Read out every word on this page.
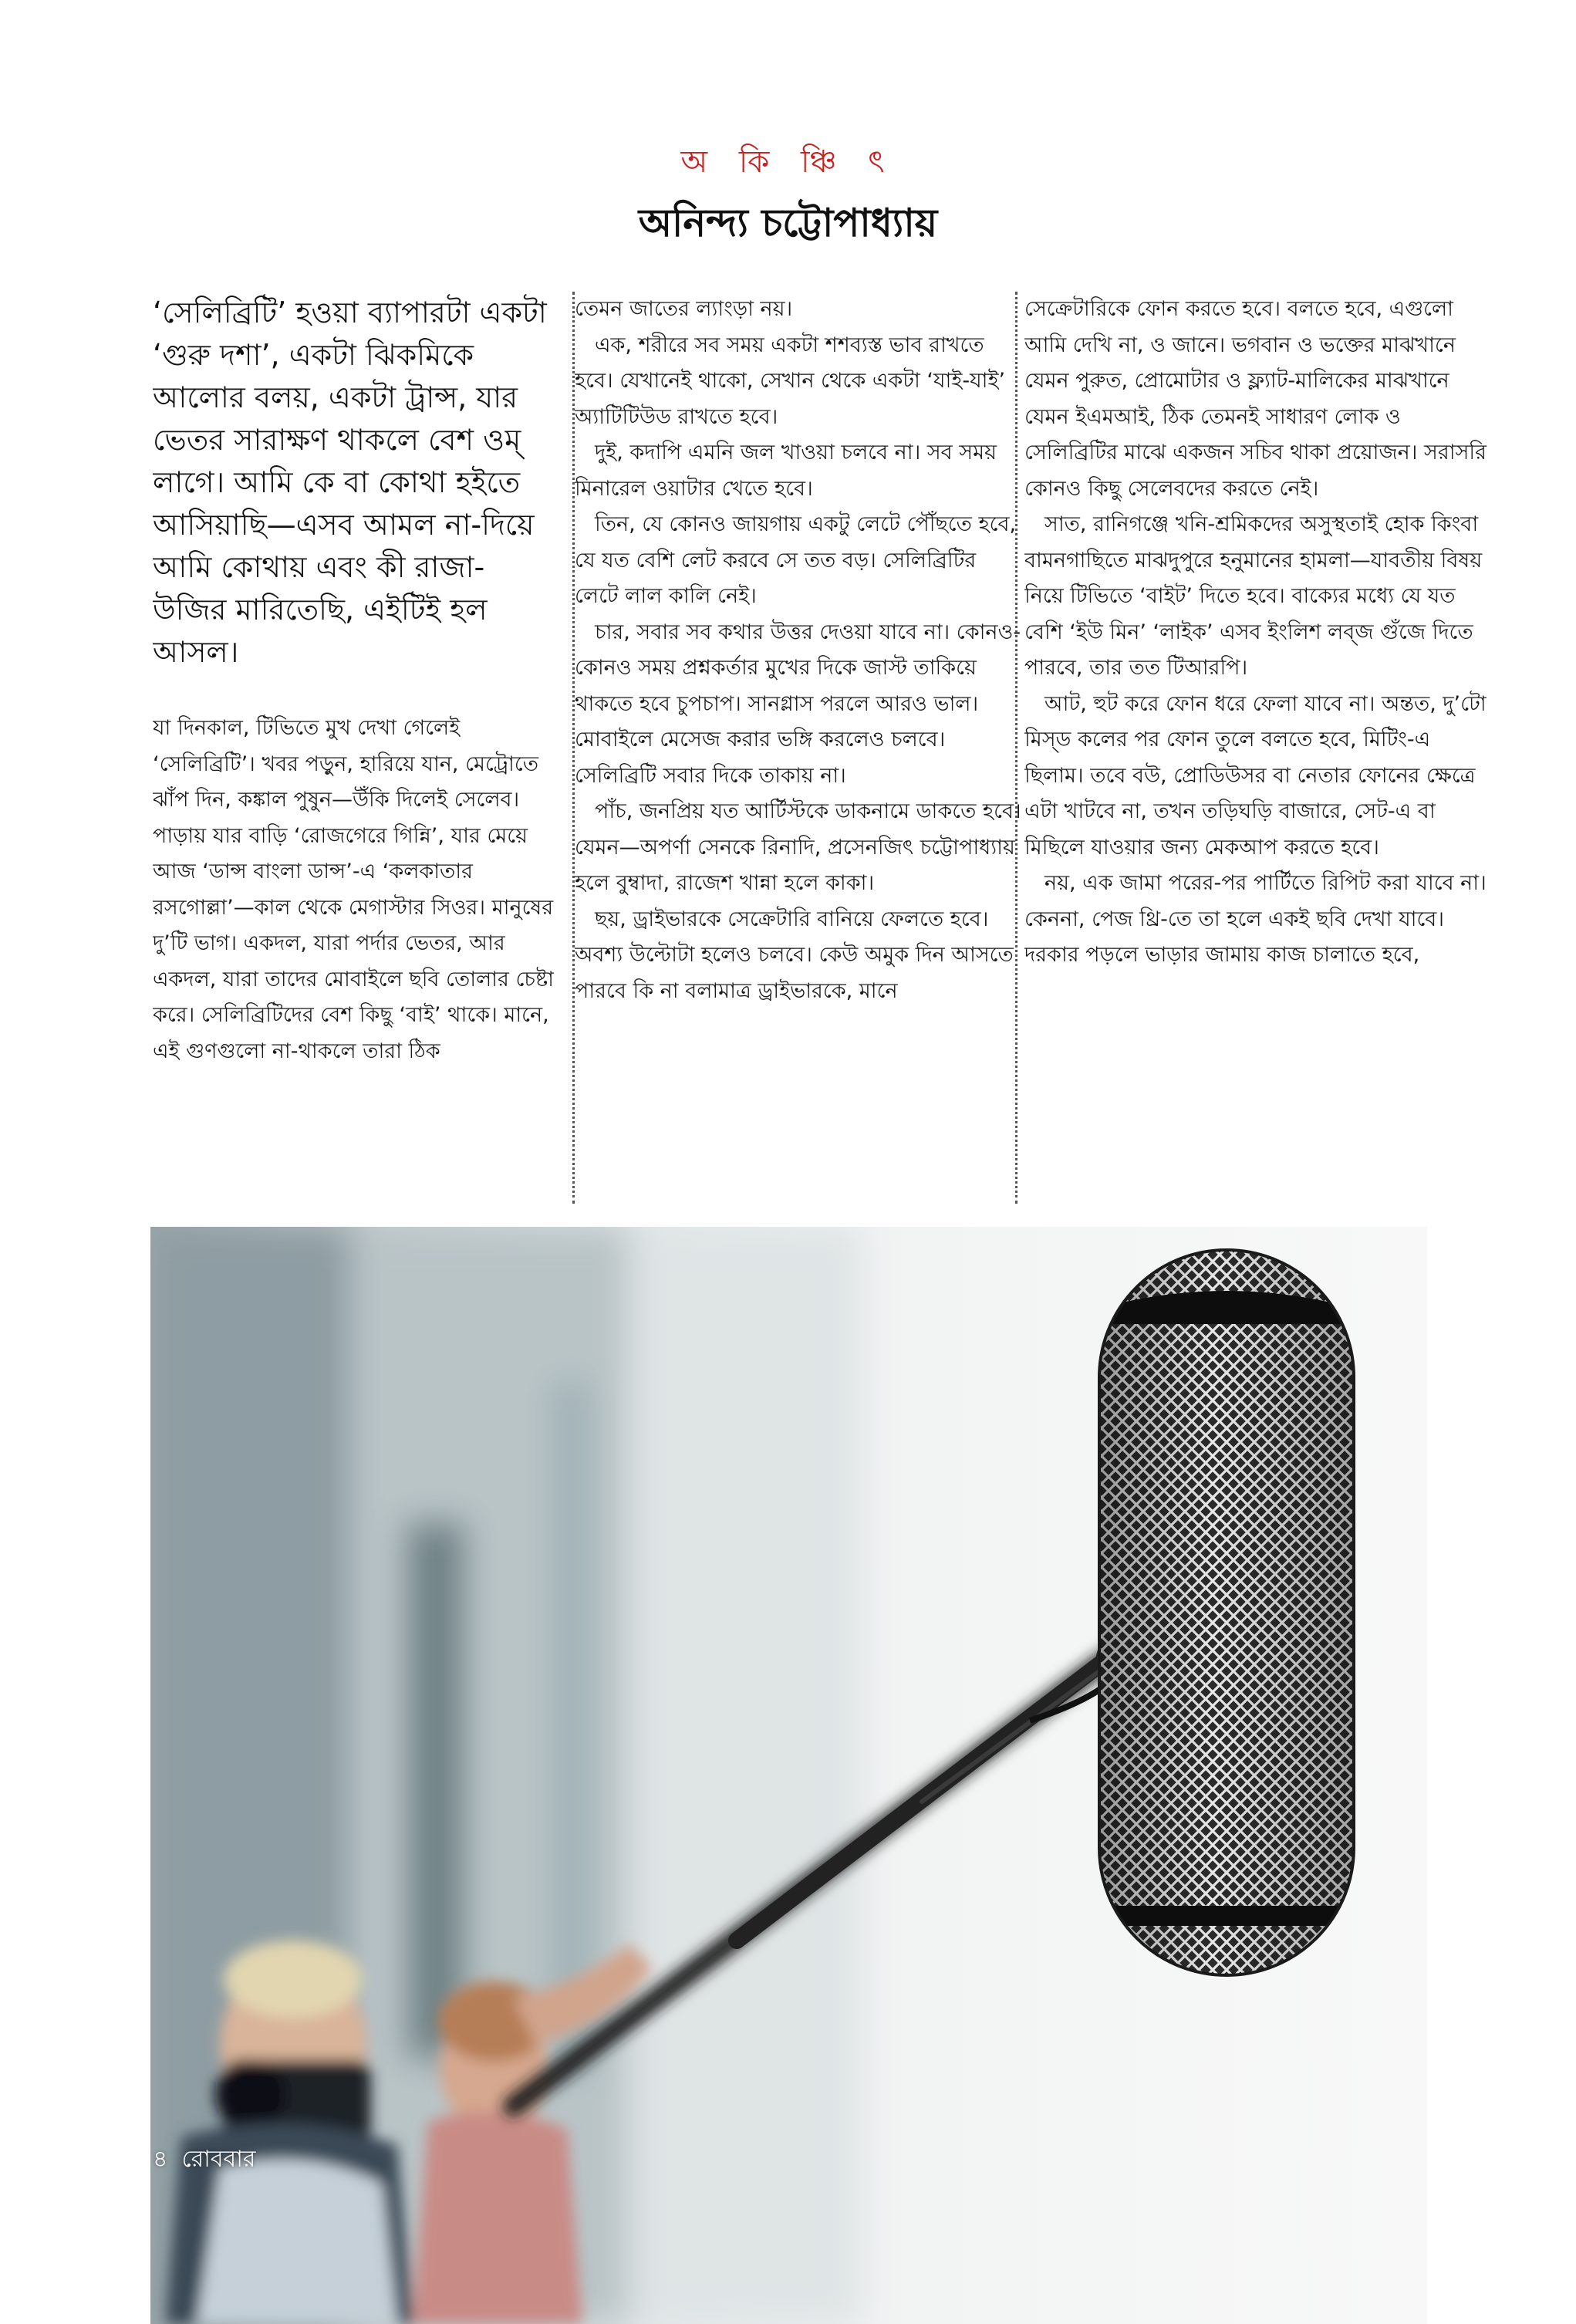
অ কি ঞ্চি ৎ
অনিন্দ্য চট্টোপাধ্যায়

‘সেলিব্রিটি’ হওয়া ব্যাপারটা একটা ‘গুরু দশা’, একটা ঝিকমিকে আলোর বলয়, একটা ট্রান্স, যার ভেতর সারাক্ষণ থাকলে বেশ ওম্ লাগে। আমি কে বা কোথা হইতে আসিয়াছি—এসব আমল না-দিয়ে আমি কোথায় এবং কী রাজা-উজির মারিতেছি, এইটিই হল আসল।

যা দিনকাল, টিভিতে মুখ দেখা গেলেই ‘সেলিব্রিটি’। খবর পড়ুন, হারিয়ে যান, মেট্রোতে ঝাঁপ দিন, কঙ্কাল পুষুন—উঁকি দিলেই সেলেব। পাড়ায় যার বাড়ি ‘রোজগেরে গিন্নি’, যার মেয়ে আজ ‘ডান্স বাংলা ডান্স’-এ ‘কলকাতার রসগোল্লা’—কাল থেকে মেগাস্টার সিওর। মানুষের দু’টি ভাগ। একদল, যারা পর্দার ভেতর, আর একদল, যারা তাদের মোবাইলে ছবি তোলার চেষ্টা করে। সেলিব্রিটিদের বেশ কিছু ‘বাই’ থাকে। মানে, এই গুণগুলো না-থাকলে তারা ঠিক

তেমন জাতের ল্যাংড়া নয়।

এক, শরীরে সব সময় একটা শশব্যস্ত ভাব রাখতে হবে। যেখানেই থাকো, সেখান থেকে একটা ‘যাই-যাই’ অ্যাটিটিউড রাখতে হবে।

দুই, কদাপি এমনি জল খাওয়া চলবে না। সব সময় মিনারেল ওয়াটার খেতে হবে।

তিন, যে কোনও জায়গায় একটু লেটে পৌঁছতে হবে, যে যত বেশি লেট করবে সে তত বড়। সেলিব্রিটির লেটে লাল কালি নেই।

চার, সবার সব কথার উত্তর দেওয়া যাবে না। কোনও-কোনও সময় প্রশ্নকর্তার মুখের দিকে জাস্ট তাকিয়ে থাকতে হবে চুপচাপ। সানগ্লাস পরলে আরও ভাল। মোবাইলে মেসেজ করার ভঙ্গি করলেও চলবে। সেলিব্রিটি সবার দিকে তাকায় না।

পাঁচ, জনপ্রিয় যত আর্টিস্টকে ডাকনামে ডাকতে হবে। যেমন—অপর্ণা সেনকে রিনাদি, প্রসেনজিৎ চট্টোপাধ্যায় হলে বুম্বাদা, রাজেশ খান্না হলে কাকা।

ছয়, ড্রাইভারকে সেক্রেটারি বানিয়ে ফেলতে হবে। অবশ্য উল্টোটা হলেও চলবে। কেউ অমুক দিন আসতে পারবে কি না বলামাত্র ড্রাইভারকে, মানে

সেক্রেটারিকে ফোন করতে হবে। বলতে হবে, এগুলো আমি দেখি না, ও জানে। ভগবান ও ভক্তের মাঝখানে যেমন পুরুত, প্রোমোটার ও ফ্ল্যাট-মালিকের মাঝখানে যেমন ইএমআই, ঠিক তেমনই সাধারণ লোক ও সেলিব্রিটির মাঝে একজন সচিব থাকা প্রয়োজন। সরাসরি কোনও কিছু সেলেবদের করতে নেই।

সাত, রানিগঞ্জে খনি-শ্রমিকদের অসুস্থতাই হোক কিংবা বামনগাছিতে মাঝদুপুরে হনুমানের হামলা—যাবতীয় বিষয় নিয়ে টিভিতে ‘বাইট’ দিতে হবে। বাক্যের মধ্যে যে যত বেশি ‘ইউ মিন’ ‘লাইক’ এসব ইংলিশ লব্‌জ গুঁজে দিতে পারবে, তার তত টিআরপি।

আট, হুট করে ফোন ধরে ফেলা যাবে না। অন্তত, দু’টো মিস্‌ড কলের পর ফোন তুলে বলতে হবে, মিটিং-এ ছিলাম। তবে বউ, প্রোডিউসর বা নেতার ফোনের ক্ষেত্রে এটা খাটবে না, তখন তড়িঘড়ি বাজারে, সেট-এ বা মিছিলে যাওয়ার জন্য মেকআপ করতে হবে।

নয়, এক জামা পরের-পর পার্টিতে রিপিট করা যাবে না। কেননা, পেজ থ্রি-তে তা হলে একই ছবি দেখা যাবে। দরকার পড়লে ভাড়ার জামায় কাজ চালাতে হবে,

৪ রোববার
